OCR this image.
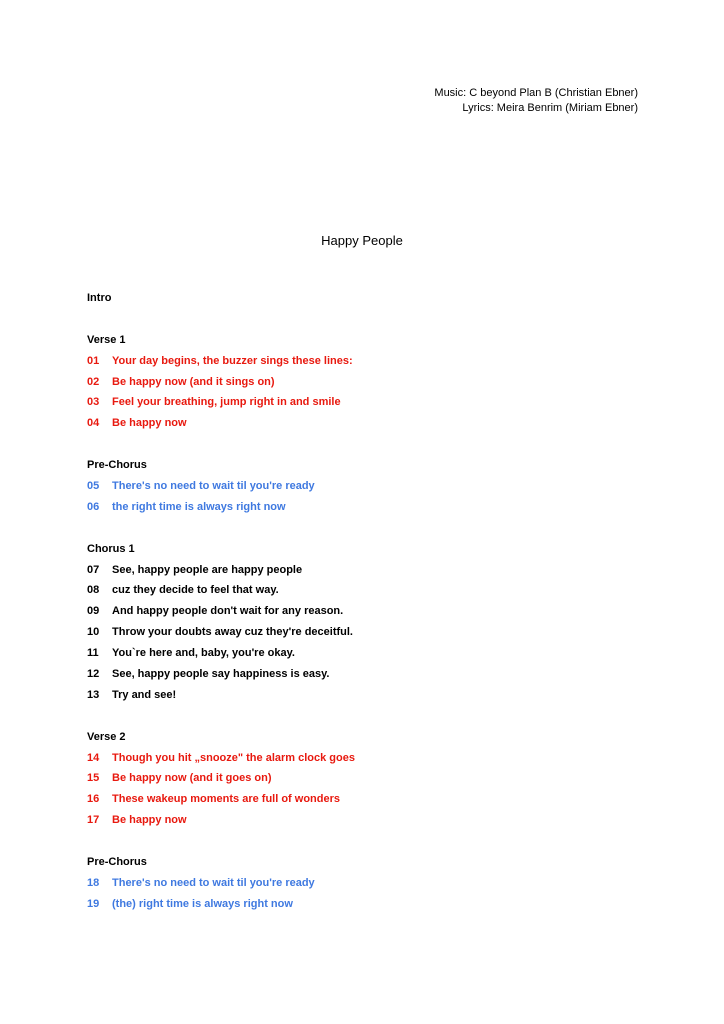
Music: C beyond Plan B (Christian Ebner)
Lyrics: Meira Benrim (Miriam Ebner)
Happy People
Intro
Verse 1
01	Your day begins, the buzzer sings these lines:
02	Be happy now (and it sings on)
03	Feel your breathing, jump right in and smile
04	Be happy now
Pre-Chorus
05	There's no need to wait til you're ready
06	the right time is always right now
Chorus 1
07	See, happy people are happy people
08	cuz they decide to feel that way.
09	And happy people don't wait for any reason.
10	Throw your doubts away cuz they're deceitful.
11	You`re here and, baby, you're okay.
12	See, happy people say happiness is easy.
13	Try and see!
Verse 2
14	Though you hit „snooze" the alarm clock goes
15	Be happy now (and it goes on)
16	These wakeup moments are full of wonders
17	Be happy now
Pre-Chorus
18	There's no need to wait til you're ready
19	(the) right time is always right now
